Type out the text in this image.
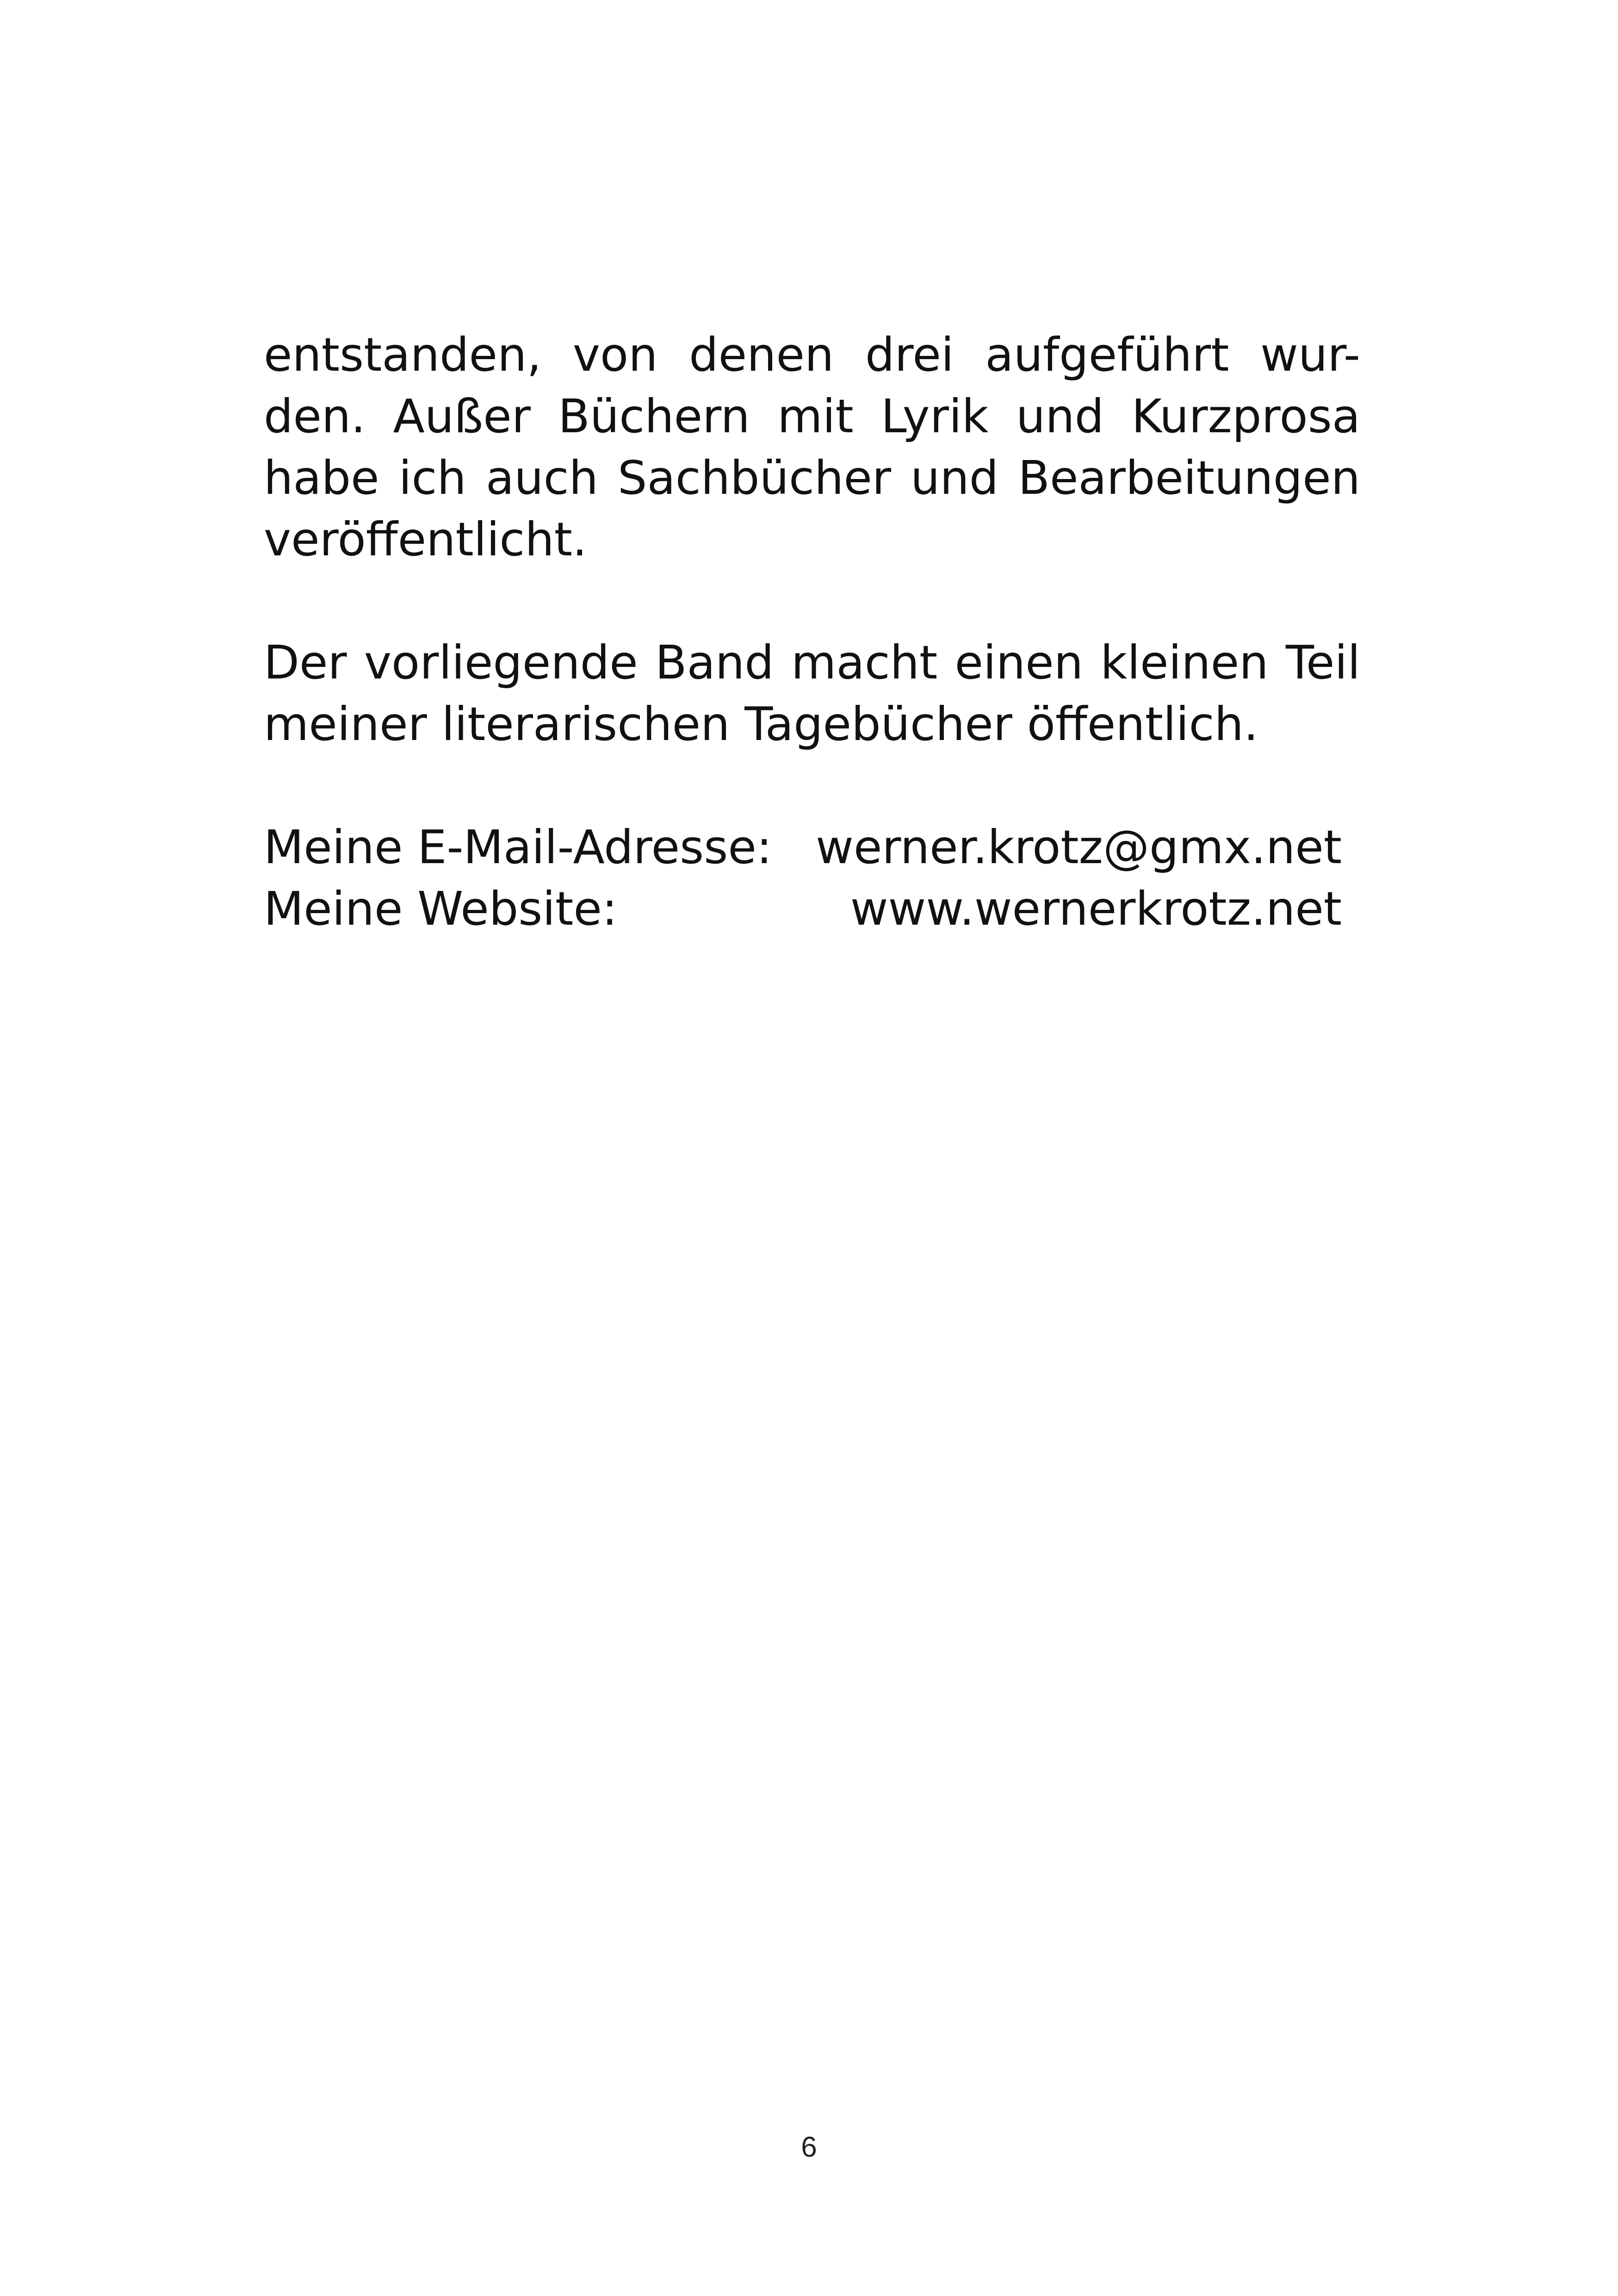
entstanden, von denen drei aufgeführt wur-
den. Außer Büchern mit Lyrik und Kurzprosa
habe ich auch Sachbücher und Bearbeitungen
veröffentlicht.
Der vorliegende Band macht einen kleinen Teil
meiner literarischen Tagebücher öffentlich.
Meine E-Mail-Adresse: werner.krotz@gmx.net
Meine Website:	www.wernerkrotz.net
6
